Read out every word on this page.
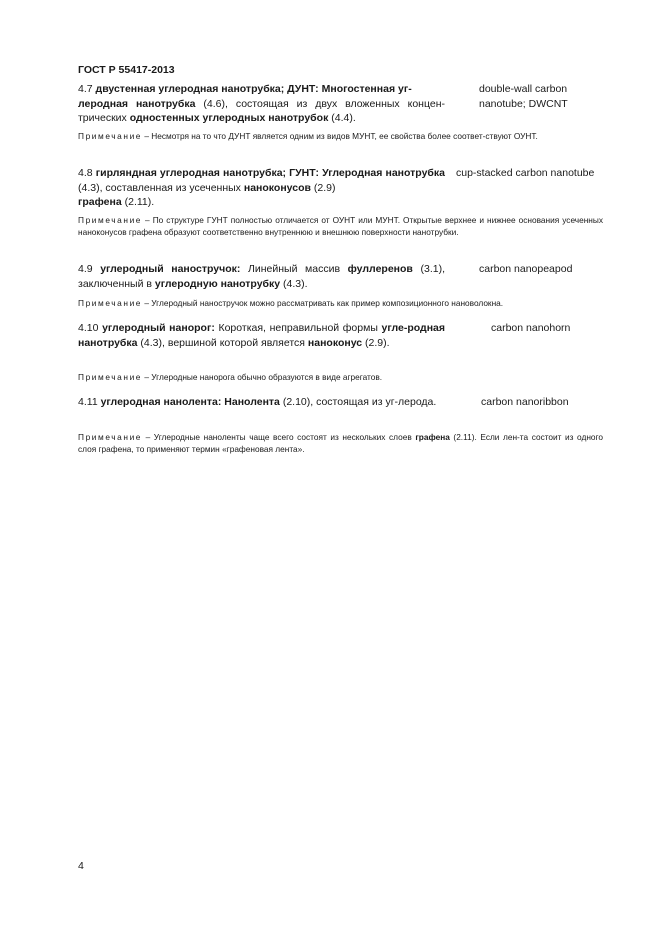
ГОСТ Р 55417-2013
4.7 двустенная углеродная нанотрубка; ДУНТ: Многостенная уг-
леродная нанотрубка (4.6), состоящая из двух вложенных концен-трических одностенных углеродных нанотрубок (4.4).
double-wall carbon
nanotube; DWCNT
Примечание – Несмотря на то что ДУНТ является одним из видов МУНТ, ее свойства более соответ-ствуют ОУНТ.
4.8 гирляндная углеродная нанотрубка; ГУНТ: Углеродная нанотрубка (4.3), составленная из усеченных наноконусов (2.9)
графена (2.11).
cup-stacked carbon nanotube
Примечание – По структуре ГУНТ полностью отличается от ОУНТ или МУНТ. Открытые верхнее и нижнее основания усеченных наноконусов графена образуют соответственно внутреннюю и внешнюю поверхности нанотрубки.
4.9 углеродный наностручок: Линейный массив фуллеренов (3.1), заключенный в углеродную нанотрубку (4.3).
carbon nanopeapod
Примечание – Углеродный наностручок можно рассматривать как пример композиционного нановолокна.
4.10 углеродный нанорог: Короткая, неправильной формы угле-родная нанотрубка (4.3), вершиной которой является наноконус (2.9).
carbon nanohorn
Примечание – Углеродные нанорога обычно образуются в виде агрегатов.
4.11 углеродная нанолента: Нанолента (2.10), состоящая из уг-лерода.	carbon nanoribbon
Примечание – Углеродные наноленты чаще всего состоят из нескольких слоев графена (2.11). Если лен-та состоит из одного слоя графена, то применяют термин «графеновая лента».
4
